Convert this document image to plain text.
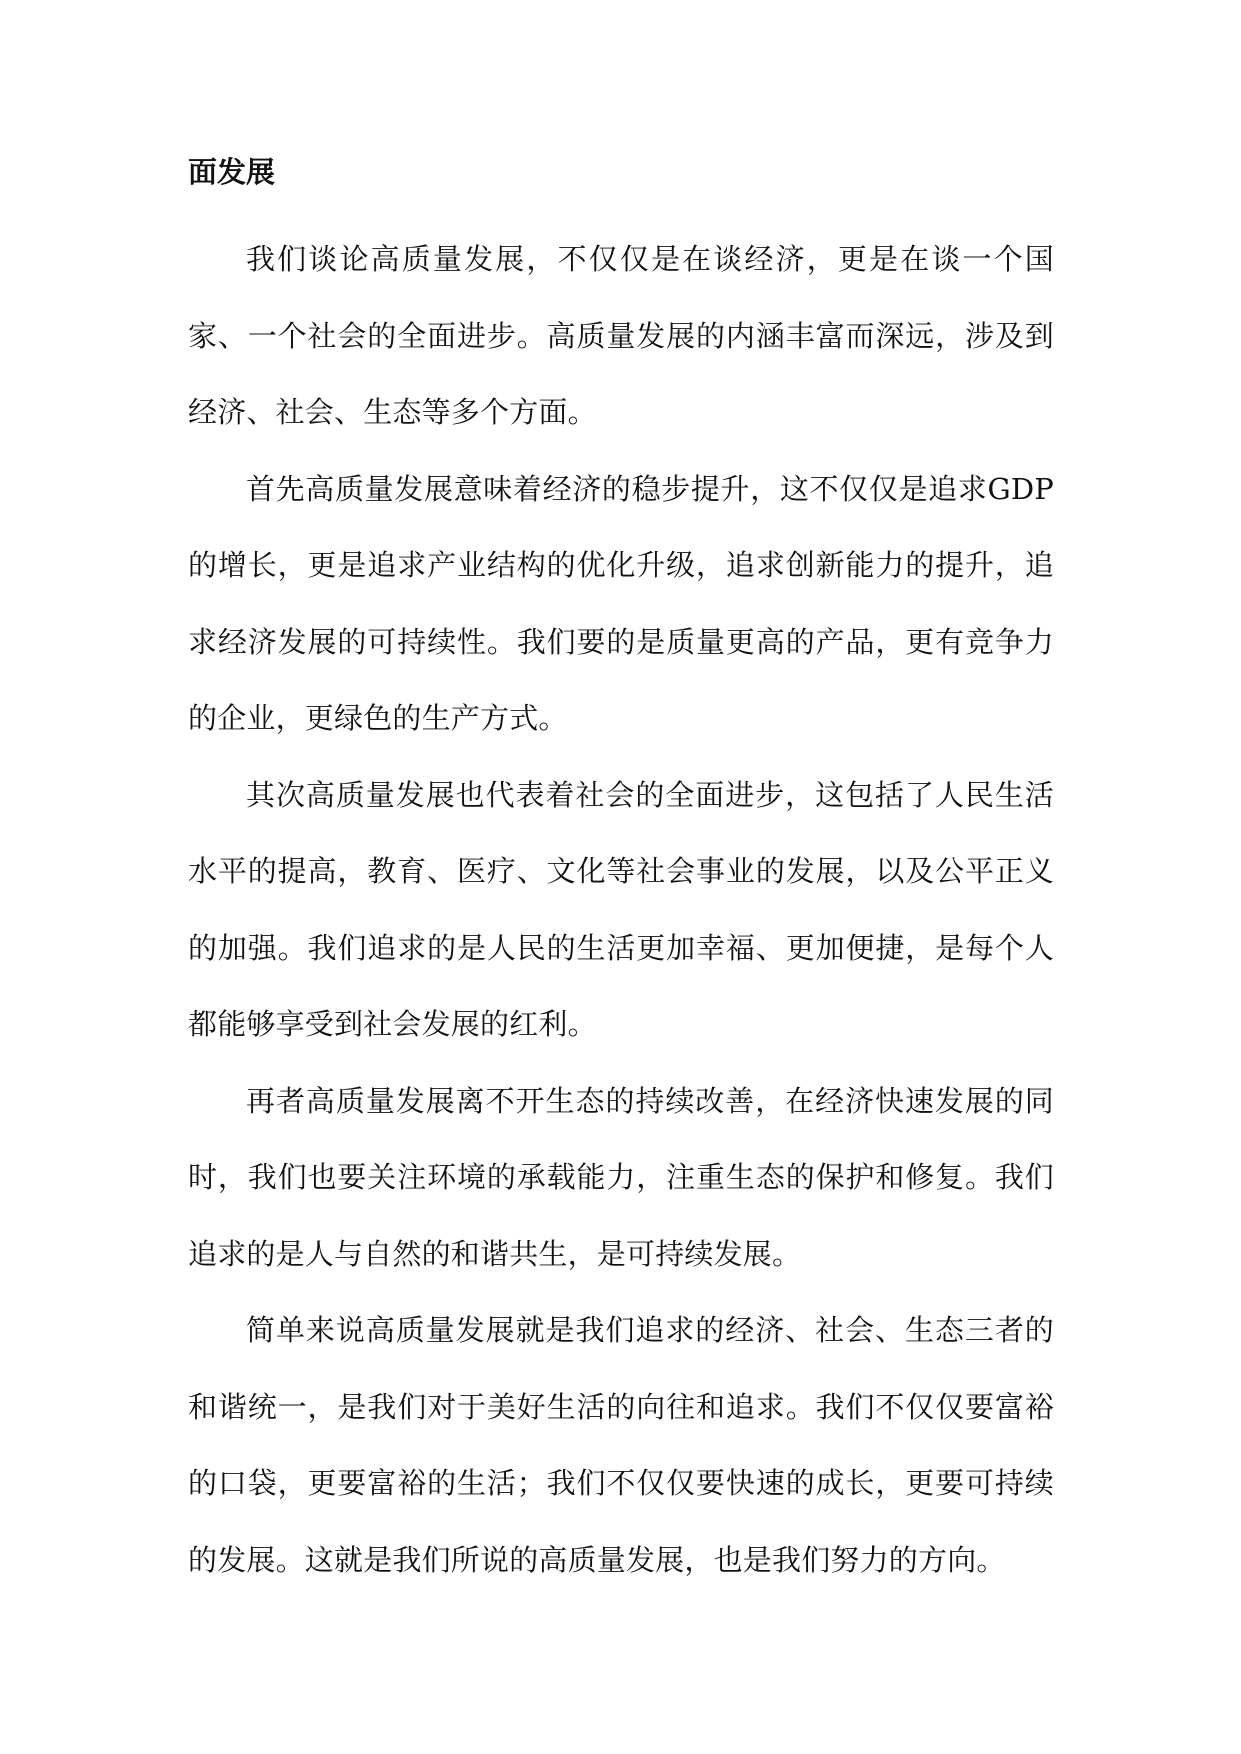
面发展

我们谈论高质量发展，不仅仅是在谈经济，更是在谈一个国家、一个社会的全面进步。高质量发展的内涵丰富而深远，涉及到经济、社会、生态等多个方面。

首先高质量发展意味着经济的稳步提升，这不仅仅是追求GDP的增长，更是追求产业结构的优化升级，追求创新能力的提升，追求经济发展的可持续性。我们要的是质量更高的产品，更有竞争力的企业，更绿色的生产方式。

其次高质量发展也代表着社会的全面进步，这包括了人民生活水平的提高，教育、医疗、文化等社会事业的发展，以及公平正义的加强。我们追求的是人民的生活更加幸福、更加便捷，是每个人都能够享受到社会发展的红利。

再者高质量发展离不开生态的持续改善，在经济快速发展的同时，我们也要关注环境的承载能力，注重生态的保护和修复。我们追求的是人与自然的和谐共生，是可持续发展。

简单来说高质量发展就是我们追求的经济、社会、生态三者的和谐统一，是我们对于美好生活的向往和追求。我们不仅仅要富裕的口袋，更要富裕的生活；我们不仅仅要快速的成长，更要可持续的发展。这就是我们所说的高质量发展，也是我们努力的方向。
